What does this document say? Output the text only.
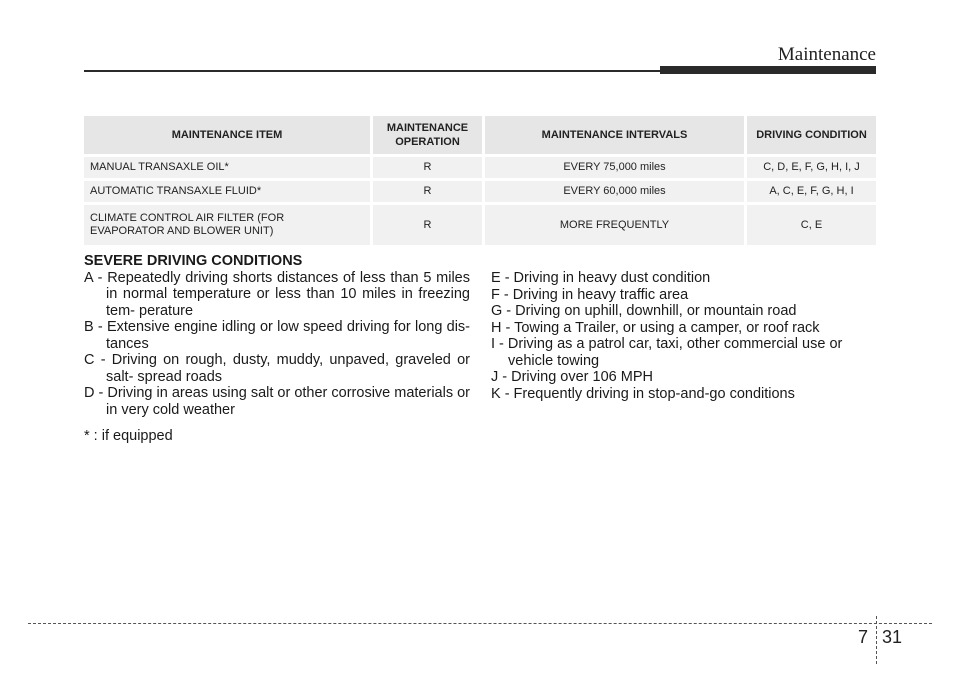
Maintenance
MAINTENANCE ITEM	MAINTENANCE OPERATION	MAINTENANCE INTERVALS	DRIVING CONDITION
MANUAL TRANSAXLE OIL*	R	EVERY 75,000 miles	C, D, E, F, G, H, I, J
AUTOMATIC TRANSAXLE FLUID*	R	EVERY 60,000 miles	A, C, E, F, G, H, I
CLIMATE CONTROL AIR FILTER (FOR EVAPORATOR AND BLOWER UNIT)	R	MORE FREQUENTLY	C, E
SEVERE DRIVING CONDITIONS
A - Repeatedly driving shorts distances of less than 5 miles in normal temperature or less than 10 miles in freezing tem- perature
B - Extensive engine idling or low speed driving for long dis- tances
C - Driving on rough, dusty, muddy, unpaved, graveled or salt- spread roads
D - Driving in areas using salt or other corrosive materials or in very cold weather
* : if equipped
E - Driving in heavy dust condition
F - Driving in heavy traffic area
G - Driving on uphill, downhill, or mountain road
H - Towing a Trailer, or using a camper, or roof rack
I - Driving as a patrol car, taxi, other commercial use or vehicle towing
J - Driving over 106 MPH
K - Frequently driving in stop-and-go conditions
7 31
